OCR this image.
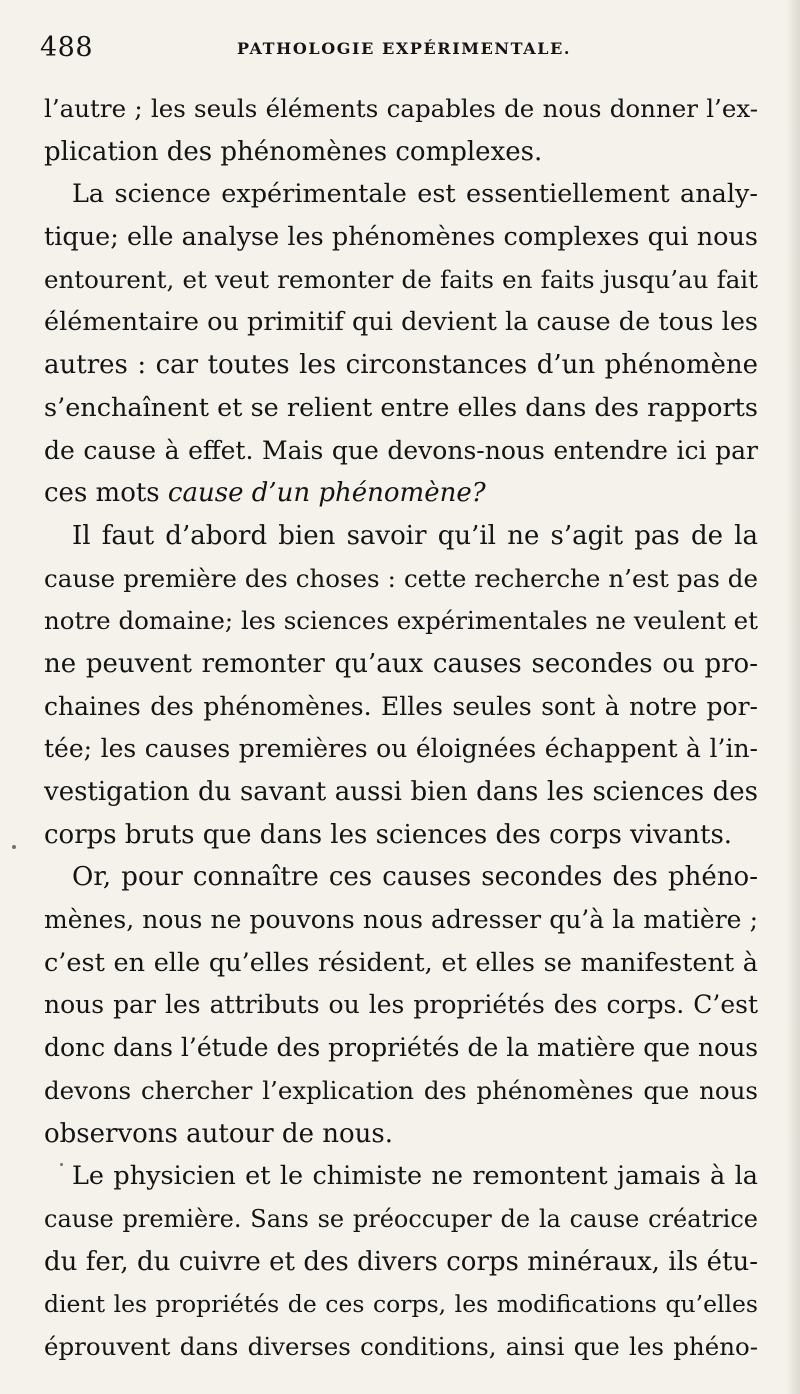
488	PATHOLOGIE EXPÉRIMENTALE.
l’autre ; les seuls éléments capables de nous donner l’ex-
plication des phénomènes complexes.
La science expérimentale est essentiellement analy-
tique; elle analyse les phénomènes complexes qui nous
entourent, et veut remonter de faits en faits jusqu’au fait
élémentaire ou primitif qui devient la cause de tous les
autres : car toutes les circonstances d’un phénomène
s’enchaînent et se relient entre elles dans des rapports
de cause à effet. Mais que devons-nous entendre ici par
ces mots cause d’un phénomène?
Il faut d’abord bien savoir qu’il ne s’agit pas de la
cause première des choses : cette recherche n’est pas de
notre domaine; les sciences expérimentales ne veulent et
ne peuvent remonter qu’aux causes secondes ou pro-
chaines des phénomènes. Elles seules sont à notre por-
tée; les causes premières ou éloignées échappent à l’in-
vestigation du savant aussi bien dans les sciences des
corps bruts que dans les sciences des corps vivants.
Or, pour connaître ces causes secondes des phéno-
mènes, nous ne pouvons nous adresser qu’à la matière ;
c’est en elle qu’elles résident, et elles se manifestent à
nous par les attributs ou les propriétés des corps. C’est
donc dans l’étude des propriétés de la matière que nous
devons chercher l’explication des phénomènes que nous
observons autour de nous.
Le physicien et le chimiste ne remontent jamais à la
cause première. Sans se préoccuper de la cause créatrice
du fer, du cuivre et des divers corps minéraux, ils étu-
dient les propriétés de ces corps, les modifications qu’elles
éprouvent dans diverses conditions, ainsi que les phéno-
